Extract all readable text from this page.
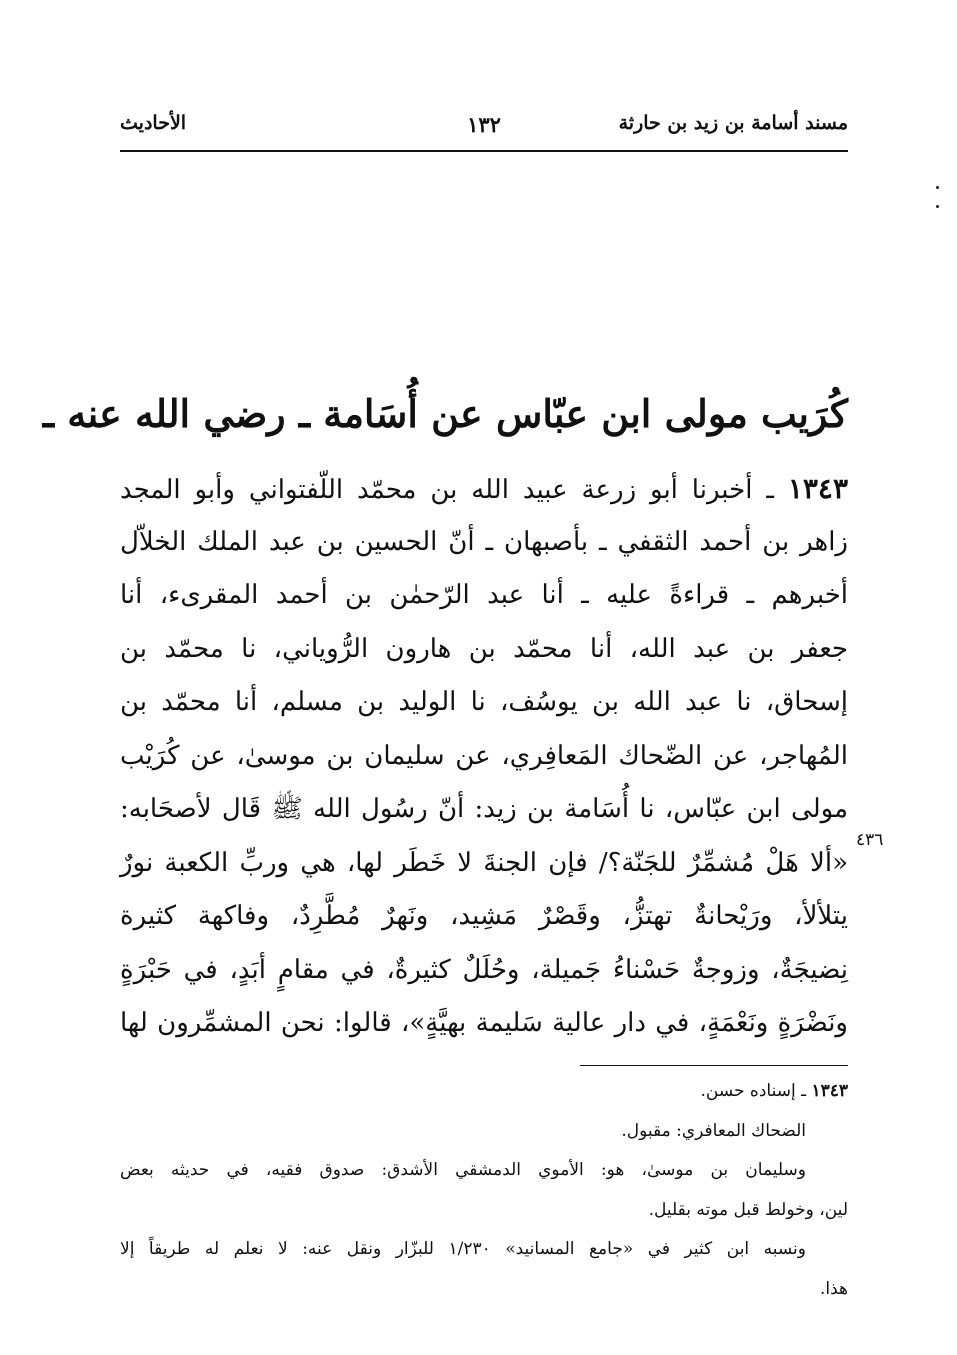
مسند أسامة بن زيد بن حارثة
١٣٢
الأحاديث
كُرَيب مولى ابن عبّاس عن أُسَامة ـ رضي الله عنه ـ
١٣٤٣ ـ أخبرنا أبو زرعة عبيد الله بن محمّد اللّفتواني وأبو المجد
زاهر بن أحمد الثقفي ـ بأصبهان ـ أنّ الحسين بن عبد الملك الخلاّل
أخبرهم ـ قراءةً عليه ـ أنا عبد الرّحمٰن بن أحمد المقرىء، أنا
جعفر بن عبد الله، أنا محمّد بن هارون الرُّوياني، نا محمّد بن
إسحاق، نا عبد الله بن يوسُف، نا الوليد بن مسلم، أنا محمّد بن
المُهاجر، عن الضّحاك المَعافِري، عن سليمان بن موسىٰ، عن كُرَيْب
مولى ابن عبّاس، نا أُسَامة بن زيد: أنّ رسُول الله ﷺ قَال لأصحَابه:
«ألا هَلْ مُشمِّرٌ للجَنّة؟/ فإن الجنةَ لا خَطَر لها، هي وربِّ الكعبة نورٌ
يتلألأ، ورَيْحانةٌ تهتزُّ، وقَصْرٌ مَشِيد، ونَهرٌ مُطَّرِدٌ، وفاكهة كثيرة
نِضيجَةٌ، وزوجةٌ حَسْناءُ جَميلة، وحُلَلٌ كثيرةٌ، في مقامٍ أبَدٍ، في حَبْرَةٍ
ونَضْرَةٍ ونَعْمَةٍ، في دار عالية سَليمة بهيَّةٍ»، قالوا: نحن المشمِّرون لها
٤٣٦
١٣٤٣ ـ إسناده حسن.
الضحاك المعافري: مقبول.
وسليمان بن موسىٰ، هو: الأموي الدمشقي الأشدق: صدوق فقيه، في حديثه بعض
لين، وخولط قبل موته بقليل.
ونسبه ابن كثير في «جامع المسانيد» ١/٢٣٠ للبزّار ونقل عنه: لا نعلم له طريقاً إلا
هذا.
